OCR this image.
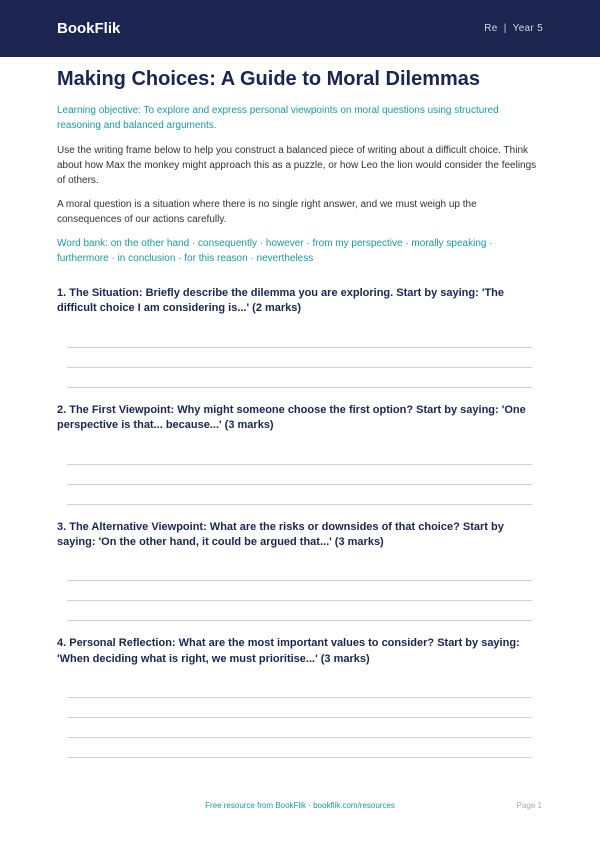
BookFlik	Re  |  Year 5
Making Choices: A Guide to Moral Dilemmas

Learning objective: To explore and express personal viewpoints on moral questions using structured reasoning and balanced arguments.

Use the writing frame below to help you construct a balanced piece of writing about a difficult choice. Think about how Max the monkey might approach this as a puzzle, or how Leo the lion would consider the feelings of others.

A moral question is a situation where there is no single right answer, and we must weigh up the consequences of our actions carefully.

Word bank: on the other hand · consequently · however · from my perspective · morally speaking · furthermore · in conclusion · for this reason · nevertheless

1. The Situation: Briefly describe the dilemma you are exploring. Start by saying: 'The difficult choice I am considering is...' (2 marks)
2. The First Viewpoint: Why might someone choose the first option? Start by saying: 'One perspective is that... because...' (3 marks)
3. The Alternative Viewpoint: What are the risks or downsides of that choice? Start by saying: 'On the other hand, it could be argued that...' (3 marks)
4. Personal Reflection: What are the most important values to consider? Start by saying: 'When deciding what is right, we must prioritise...' (3 marks)
Free resource from BookFlik · bookflik.com/resources	Page 1
